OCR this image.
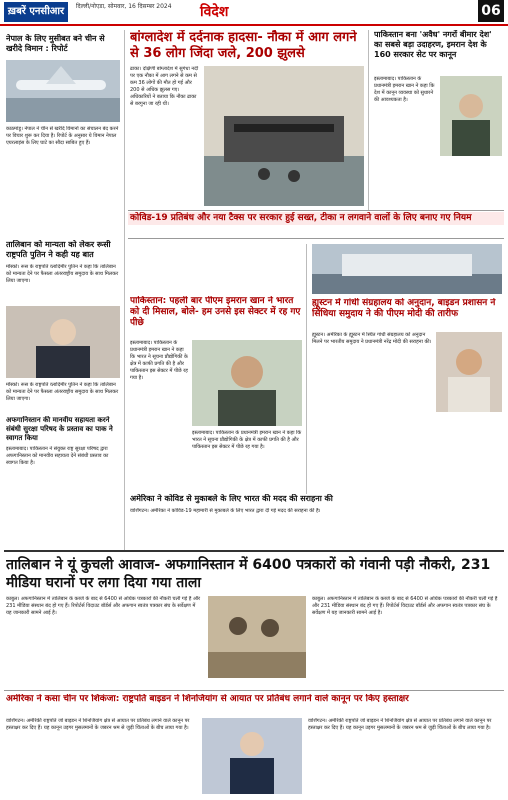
ख़बरें एनसीआर	दिल्ली/नोएडा, सोमवार, 16 दिसम्बर 2024 विदेश	06
नेपाल के लिए मुसीबत बने चीन से खरीदे विमान : रिपोर्ट
काठमांडू। नेपाल ने चीन से खरीदे विमानों का संचालन बंद करने पर विचार शुरू कर दिया है। रिपोर्ट के अनुसार ये विमान नेपाल एयरलाइंस के लिए घाटे का सौदा साबित हुए हैं।
तालिबान को मान्यता को लेकर रूसी राष्ट्रपति पुतिन ने कही यह बात
मॉस्को। रूस के राष्ट्रपति व्लादिमीर पुतिन ने कहा कि तालिबान को मान्यता देने पर फैसला अंतरराष्ट्रीय समुदाय के साथ मिलकर लिया जाएगा।
मॉस्को। रूस के राष्ट्रपति व्लादिमीर पुतिन ने कहा कि तालिबान को मान्यता देने पर फैसला अंतरराष्ट्रीय समुदाय के साथ मिलकर लिया जाएगा।
अफगानिस्तान की मानवीय सहायता करने संबंधी सुरक्षा परिषद के प्रस्ताव का पाक ने स्वागत किया
इस्लामाबाद। पाकिस्तान ने संयुक्त राष्ट्र सुरक्षा परिषद द्वारा अफगानिस्तान को मानवीय सहायता देने संबंधी प्रस्ताव का स्वागत किया है।
बांग्लादेश में दर्दनाक हादसा- नौका में आग लगने से 36 लोग जिंदा जले, 200 झुलसे
ढाका। दक्षिणी बांग्लादेश में सुगंधा नदी पर एक नौका में आग लगने से कम से कम 36 लोगों की मौत हो गई और 200 से अधिक झुलस गए। अधिकारियों ने बताया कि नौका ढाका से बरगुना जा रही थी।
पाकिस्तान बना 'अवैध' नगरों बीमार देश' का सबसे बड़ा उदाहरण, इमरान देश के 160 सरकार सेट पर कानून
इस्लामाबाद। पाकिस्तान के प्रधानमंत्री इमरान खान ने कहा कि देश में कानून व्यवस्था को सुधारने की आवश्यकता है।
कोविड-19 प्रतिबंध और नया टैक्स पर सरकार हुई सख्त, टीका न लगवाने वालों के लिए बनाए गए नियम
पाकिस्तान: पहली बार पीएम इमरान खान ने भारत को दी मिसाल, बोले- हम उनसे इस सेक्टर में रह गए पीछे
इस्लामाबाद। पाकिस्तान के प्रधानमंत्री इमरान खान ने कहा कि भारत ने सूचना प्रौद्योगिकी के क्षेत्र में काफी प्रगति की है और पाकिस्तान इस सेक्टर में पीछे रह गया है।
इस्लामाबाद। पाकिस्तान के प्रधानमंत्री इमरान खान ने कहा कि भारत ने सूचना प्रौद्योगिकी के क्षेत्र में काफी प्रगति की है और पाकिस्तान इस सेक्टर में पीछे रह गया है।
ह्यूस्टन में गांधी संग्रहालय को अनुदान, बाइडन प्रशासन ने सिंधिया समुदाय ने की पीएम मोदी की तारीफ
ह्यूस्टन। अमेरिका के ह्यूस्टन में स्थित गांधी संग्रहालय को अनुदान मिलने पर भारतीय समुदाय ने प्रधानमंत्री नरेंद्र मोदी की सराहना की।
अमेरिका ने कोविड से मुकाबले के लिए भारत की मदद की सराहना की
वाशिंगटन। अमेरिका ने कोविड-19 महामारी से मुकाबले के लिए भारत द्वारा दी गई मदद की सराहना की है।
तालिबान ने यूं कुचली आवाज- अफगानिस्तान में 6400 पत्रकारों को गंवानी पड़ी नौकरी, 231 मीडिया घरानों पर लगा दिया गया ताला
काबुल। अफगानिस्तान में तालिबान के कब्जे के बाद से 6400 से अधिक पत्रकारों की नौकरी चली गई है और 231 मीडिया संस्थान बंद हो गए हैं। रिपोर्टर्स विदाउट बॉर्डर्स और अफगान स्वतंत्र पत्रकार संघ के सर्वेक्षण में यह जानकारी सामने आई है।
काबुल। अफगानिस्तान में तालिबान के कब्जे के बाद से 6400 से अधिक पत्रकारों की नौकरी चली गई है और 231 मीडिया संस्थान बंद हो गए हैं। रिपोर्टर्स विदाउट बॉर्डर्स और अफगान स्वतंत्र पत्रकार संघ के सर्वेक्षण में यह जानकारी सामने आई है।
अमेरिका ने कसा चीन पर शिकंजा: राष्ट्रपति बाइडन ने शिनजियांग से आयात पर प्रतिबंध लगाने वाले कानून पर किए हस्ताक्षर
वाशिंगटन। अमेरिकी राष्ट्रपति जो बाइडन ने शिनजियांग क्षेत्र से आयात पर प्रतिबंध लगाने वाले कानून पर हस्ताक्षर कर दिए हैं। यह कानून उइगर मुसलमानों के जबरन श्रम से जुड़ी चिंताओं के बीच लाया गया है।
वाशिंगटन। अमेरिकी राष्ट्रपति जो बाइडन ने शिनजियांग क्षेत्र से आयात पर प्रतिबंध लगाने वाले कानून पर हस्ताक्षर कर दिए हैं। यह कानून उइगर मुसलमानों के जबरन श्रम से जुड़ी चिंताओं के बीच लाया गया है।
